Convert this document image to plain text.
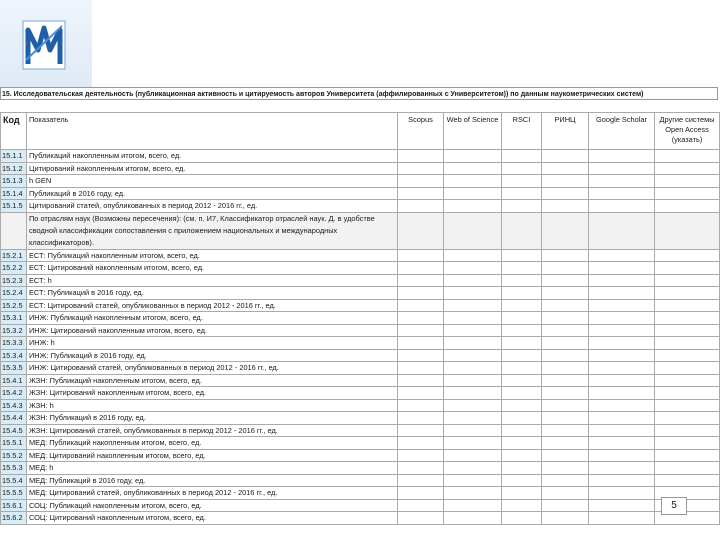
15. Исследовательская деятельность (публикационная активность и цитируемость авторов Университета (аффилированных с Университетом)) по данным наукометрических систем)
Код	Показатель	Scopus	Web of Science	RSCI	РИНЦ	Google Scholar	Другие системы Open Access (указать)
15.1.1	Публикаций накопленным итогом, всего, ед.						
15.1.2	Цитирований накопленным итогом, всего, ед.						
15.1.3	h GEN						
15.1.4	Публикаций в 2016 году, ед.						
15.1.5	Цитирований статей, опубликованных в период 2012 - 2016 гг., ед.						
	По отраслям наук (Возможны пересечения): (см. п. И7, Классификатор отраслей наук. Д. в удобстве сводной классификации сопоставления с приложением национальных и международных классификаторов).						
15.2.1	ЕСТ: Публикаций накопленным итогом, всего, ед.						
15.2.2	ЕСТ: Цитирований накопленным итогом, всего, ед.						
15.2.3	ЕСТ: h						
15.2.4	ЕСТ: Публикаций в 2016 году, ед.						
15.2.5	ЕСТ: Цитирований статей, опубликованных в период 2012 - 2016 гг., ед.						
15.3.1	ИНЖ: Публикаций накопленным итогом, всего, ед.						
15.3.2	ИНЖ: Цитирований накопленным итогом, всего, ед.						
15.3.3	ИНЖ: h						
15.3.4	ИНЖ: Публикаций в 2016 году, ед.						
15.3.5	ИНЖ: Цитирований статей, опубликованных в период 2012 - 2016 гг., ед.						
15.4.1	ЖЗН: Публикаций накопленным итогом, всего, ед.						
15.4.2	ЖЗН: Цитирований накопленным итогом, всего, ед.						
15.4.3	ЖЗН: h						
15.4.4	ЖЗН: Публикаций в 2016 году, ед.						
15.4.5	ЖЗН: Цитирований статей, опубликованных в период 2012 - 2016 гг., ед.						
15.5.1	МЕД: Публикаций накопленным итогом, всего, ед.						
15.5.2	МЕД: Цитирований накопленным итогом, всего, ед.						
15.5.3	МЕД: h						
15.5.4	МЕД: Публикаций в 2016 году, ед.						
15.5.5	МЕД: Цитирований статей, опубликованных в период 2012 - 2016 гг., ед.						
15.6.1	СОЦ: Публикаций накопленным итогом, всего, ед.						
15.6.2	СОЦ: Цитирований накопленным итогом, всего, ед.						
5
